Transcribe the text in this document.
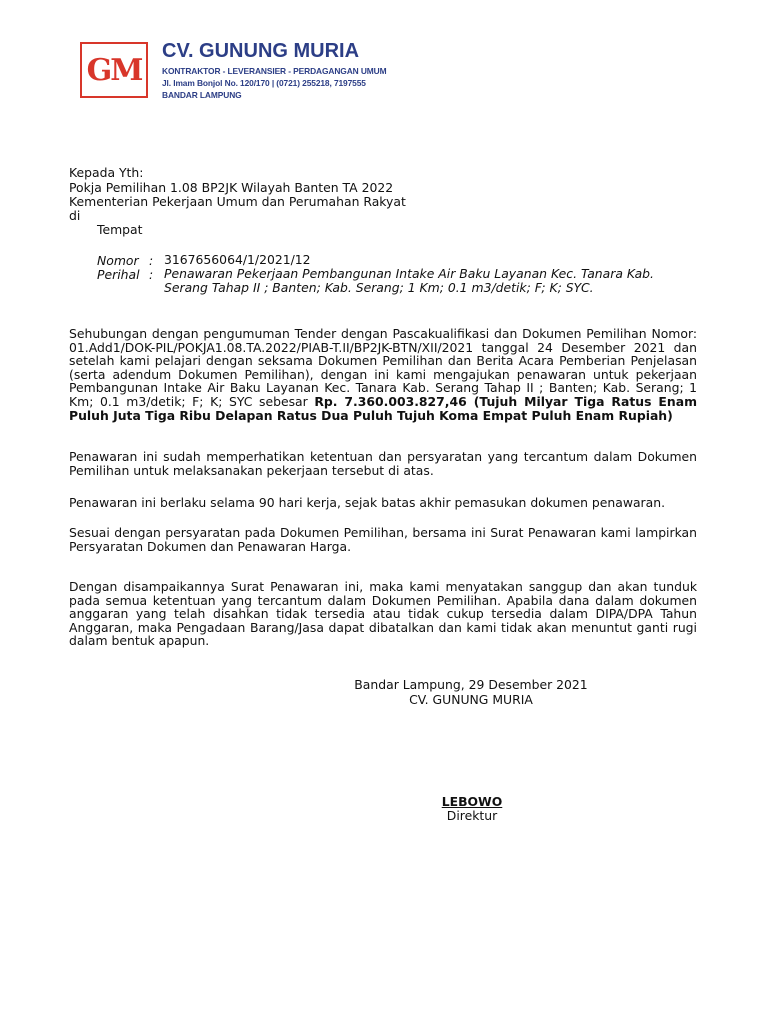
GM
CV. GUNUNG MURIA
KONTRAKTOR - LEVERANSIER - PERDAGANGAN UMUM
Jl. Imam Bonjol No. 120/170 | (0721) 255218, 7197555
BANDAR LAMPUNG
Kepada Yth:
Pokja Pemilihan 1.08 BP2JK Wilayah Banten TA 2022
Kementerian Pekerjaan Umum dan Perumahan Rakyat
di
Tempat
Nomor : 3167656064/1/2021/12
Perihal : Penawaran Pekerjaan Pembangunan Intake Air Baku Layanan Kec. Tanara Kab.
Serang Tahap II ; Banten; Kab. Serang; 1 Km; 0.1 m3/detik; F; K; SYC.
Sehubungan dengan pengumuman Tender dengan Pascakualifikasi dan Dokumen Pemilihan Nomor: 01.Add1/DOK-PIL/POKJA1.08.TA.2022/PIAB-T.II/BP2JK-BTN/XII/2021 tanggal 24 Desember 2021 dan setelah kami pelajari dengan seksama Dokumen Pemilihan dan Berita Acara Pemberian Penjelasan (serta adendum Dokumen Pemilihan), dengan ini kami mengajukan penawaran untuk pekerjaan Pembangunan Intake Air Baku Layanan Kec. Tanara Kab. Serang Tahap II ; Banten; Kab. Serang; 1 Km; 0.1 m3/detik; F; K; SYC sebesar Rp. 7.360.003.827,46 (Tujuh Milyar Tiga Ratus Enam Puluh Juta Tiga Ribu Delapan Ratus Dua Puluh Tujuh Koma Empat Puluh Enam Rupiah)
Penawaran ini sudah memperhatikan ketentuan dan persyaratan yang tercantum dalam Dokumen Pemilihan untuk melaksanakan pekerjaan tersebut di atas.
Penawaran ini berlaku selama 90 hari kerja, sejak batas akhir pemasukan dokumen penawaran.
Sesuai dengan persyaratan pada Dokumen Pemilihan, bersama ini Surat Penawaran kami lampirkan Persyaratan Dokumen dan Penawaran Harga.
Dengan disampaikannya Surat Penawaran ini, maka kami menyatakan sanggup dan akan tunduk pada semua ketentuan yang tercantum dalam Dokumen Pemilihan. Apabila dana dalam dokumen anggaran yang telah disahkan tidak tersedia atau tidak cukup tersedia dalam DIPA/DPA Tahun Anggaran, maka Pengadaan Barang/Jasa dapat dibatalkan dan kami tidak akan menuntut ganti rugi dalam bentuk apapun.
Bandar Lampung, 29 Desember 2021
CV. GUNUNG MURIA
LEBOWO
Direktur
